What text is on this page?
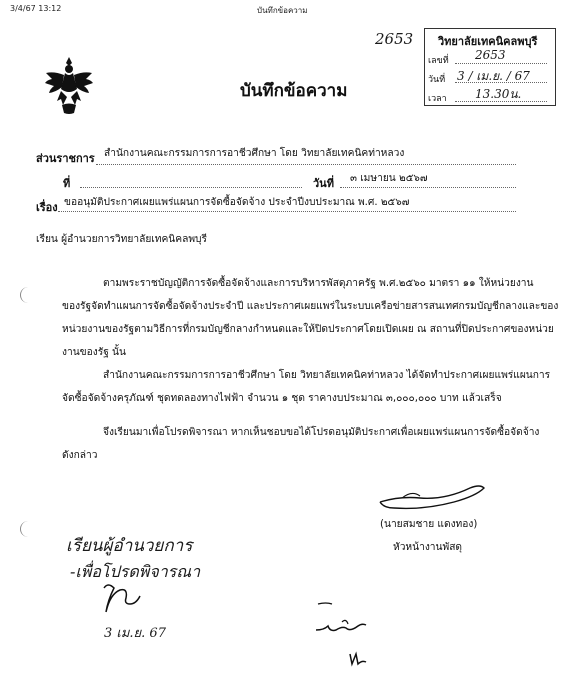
3/4/67 13:12	บันทึกข้อความ
บันทึกข้อความ
2653 วิทยาลัยเทคนิคลพบุรี
เลขที่ 2653
วันที่ 3 / เม.ย. / 67
เวลา 13.30น.
ส่วนราชการ สำนักงานคณะกรรมการการอาชีวศึกษา โดย วิทยาลัยเทคนิคท่าหลวง
ที่	วันที่ ๓ เมษายน ๒๕๖๗
เรื่อง ขออนุมัติประกาศเผยแพร่แผนการจัดซื้อจัดจ้าง ประจำปีงบประมาณ พ.ศ. ๒๕๖๗
เรียน ผู้อำนวยการวิทยาลัยเทคนิคลพบุรี
ตามพระราชบัญญัติการจัดซื้อจัดจ้างและการบริหารพัสดุภาครัฐ พ.ศ.๒๕๖๐ มาตรา ๑๑ ให้หน่วยงาน
ของรัฐจัดทำแผนการจัดซื้อจัดจ้างประจำปี และประกาศเผยแพร่ในระบบเครือข่ายสารสนเทศกรมบัญชีกลางและของ
หน่วยงานของรัฐตามวิธีการที่กรมบัญชีกลางกำหนดและให้ปิดประกาศโดยเปิดเผย ณ สถานที่ปิดประกาศของหน่วย
งานของรัฐ นั้น
สำนักงานคณะกรรมการการอาชีวศึกษา โดย วิทยาลัยเทคนิคท่าหลวง ได้จัดทำประกาศเผยแพร่แผนการ
จัดซื้อจัดจ้างครุภัณฑ์ ชุดทดลองทางไฟฟ้า จำนวน ๑ ชุด ราคางบประมาณ ๓,๐๐๐,๐๐๐ บาท แล้วเสร็จ
จึงเรียนมาเพื่อโปรดพิจารณา หากเห็นชอบขอได้โปรดอนุมัติประกาศเพื่อเผยแพร่แผนการจัดซื้อจัดจ้าง
ดังกล่าว
(นายสมชาย แดงทอง)
หัวหน้างานพัสดุ
เรียนผู้อำนวยการ
-เพื่อโปรดพิจารณา
3 เม.ย. 67
